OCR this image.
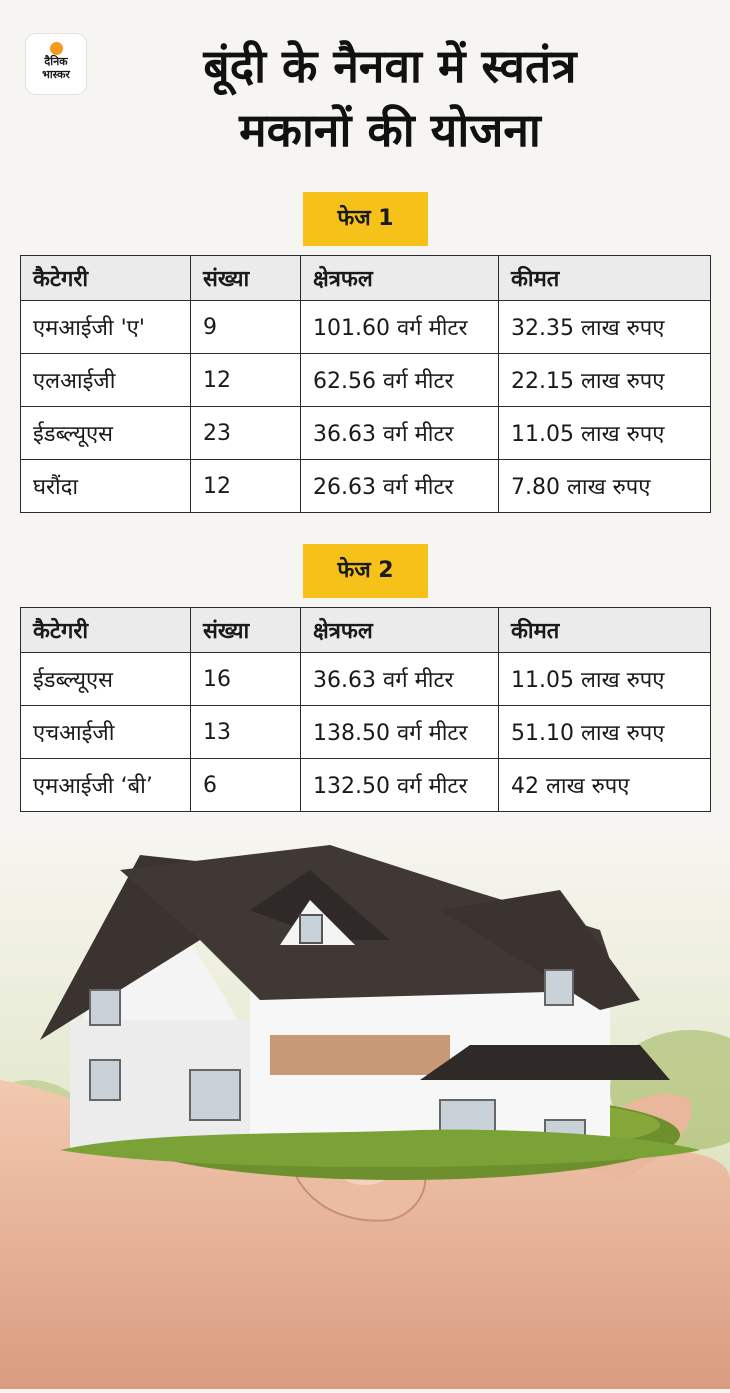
दैनिक
भास्कर	बूंदी के नैनवा में स्वतंत्र
मकानों की योजना
फेज 1
कैटेगरी	संख्या	क्षेत्रफल	कीमत
एमआईजी 'ए'	9	101.60 वर्ग मीटर	32.35 लाख रुपए
एलआईजी	12	62.56 वर्ग मीटर	22.15 लाख रुपए
ईडब्ल्यूएस	23	36.63 वर्ग मीटर	11.05 लाख रुपए
घरौंदा	12	26.63 वर्ग मीटर	7.80 लाख रुपए
फेज 2
कैटेगरी	संख्या	क्षेत्रफल	कीमत
ईडब्ल्यूएस	16	36.63 वर्ग मीटर	11.05 लाख रुपए
एचआईजी	13	138.50 वर्ग मीटर	51.10 लाख रुपए
एमआईजी ‘बी’	6	132.50 वर्ग मीटर	42 लाख रुपए
